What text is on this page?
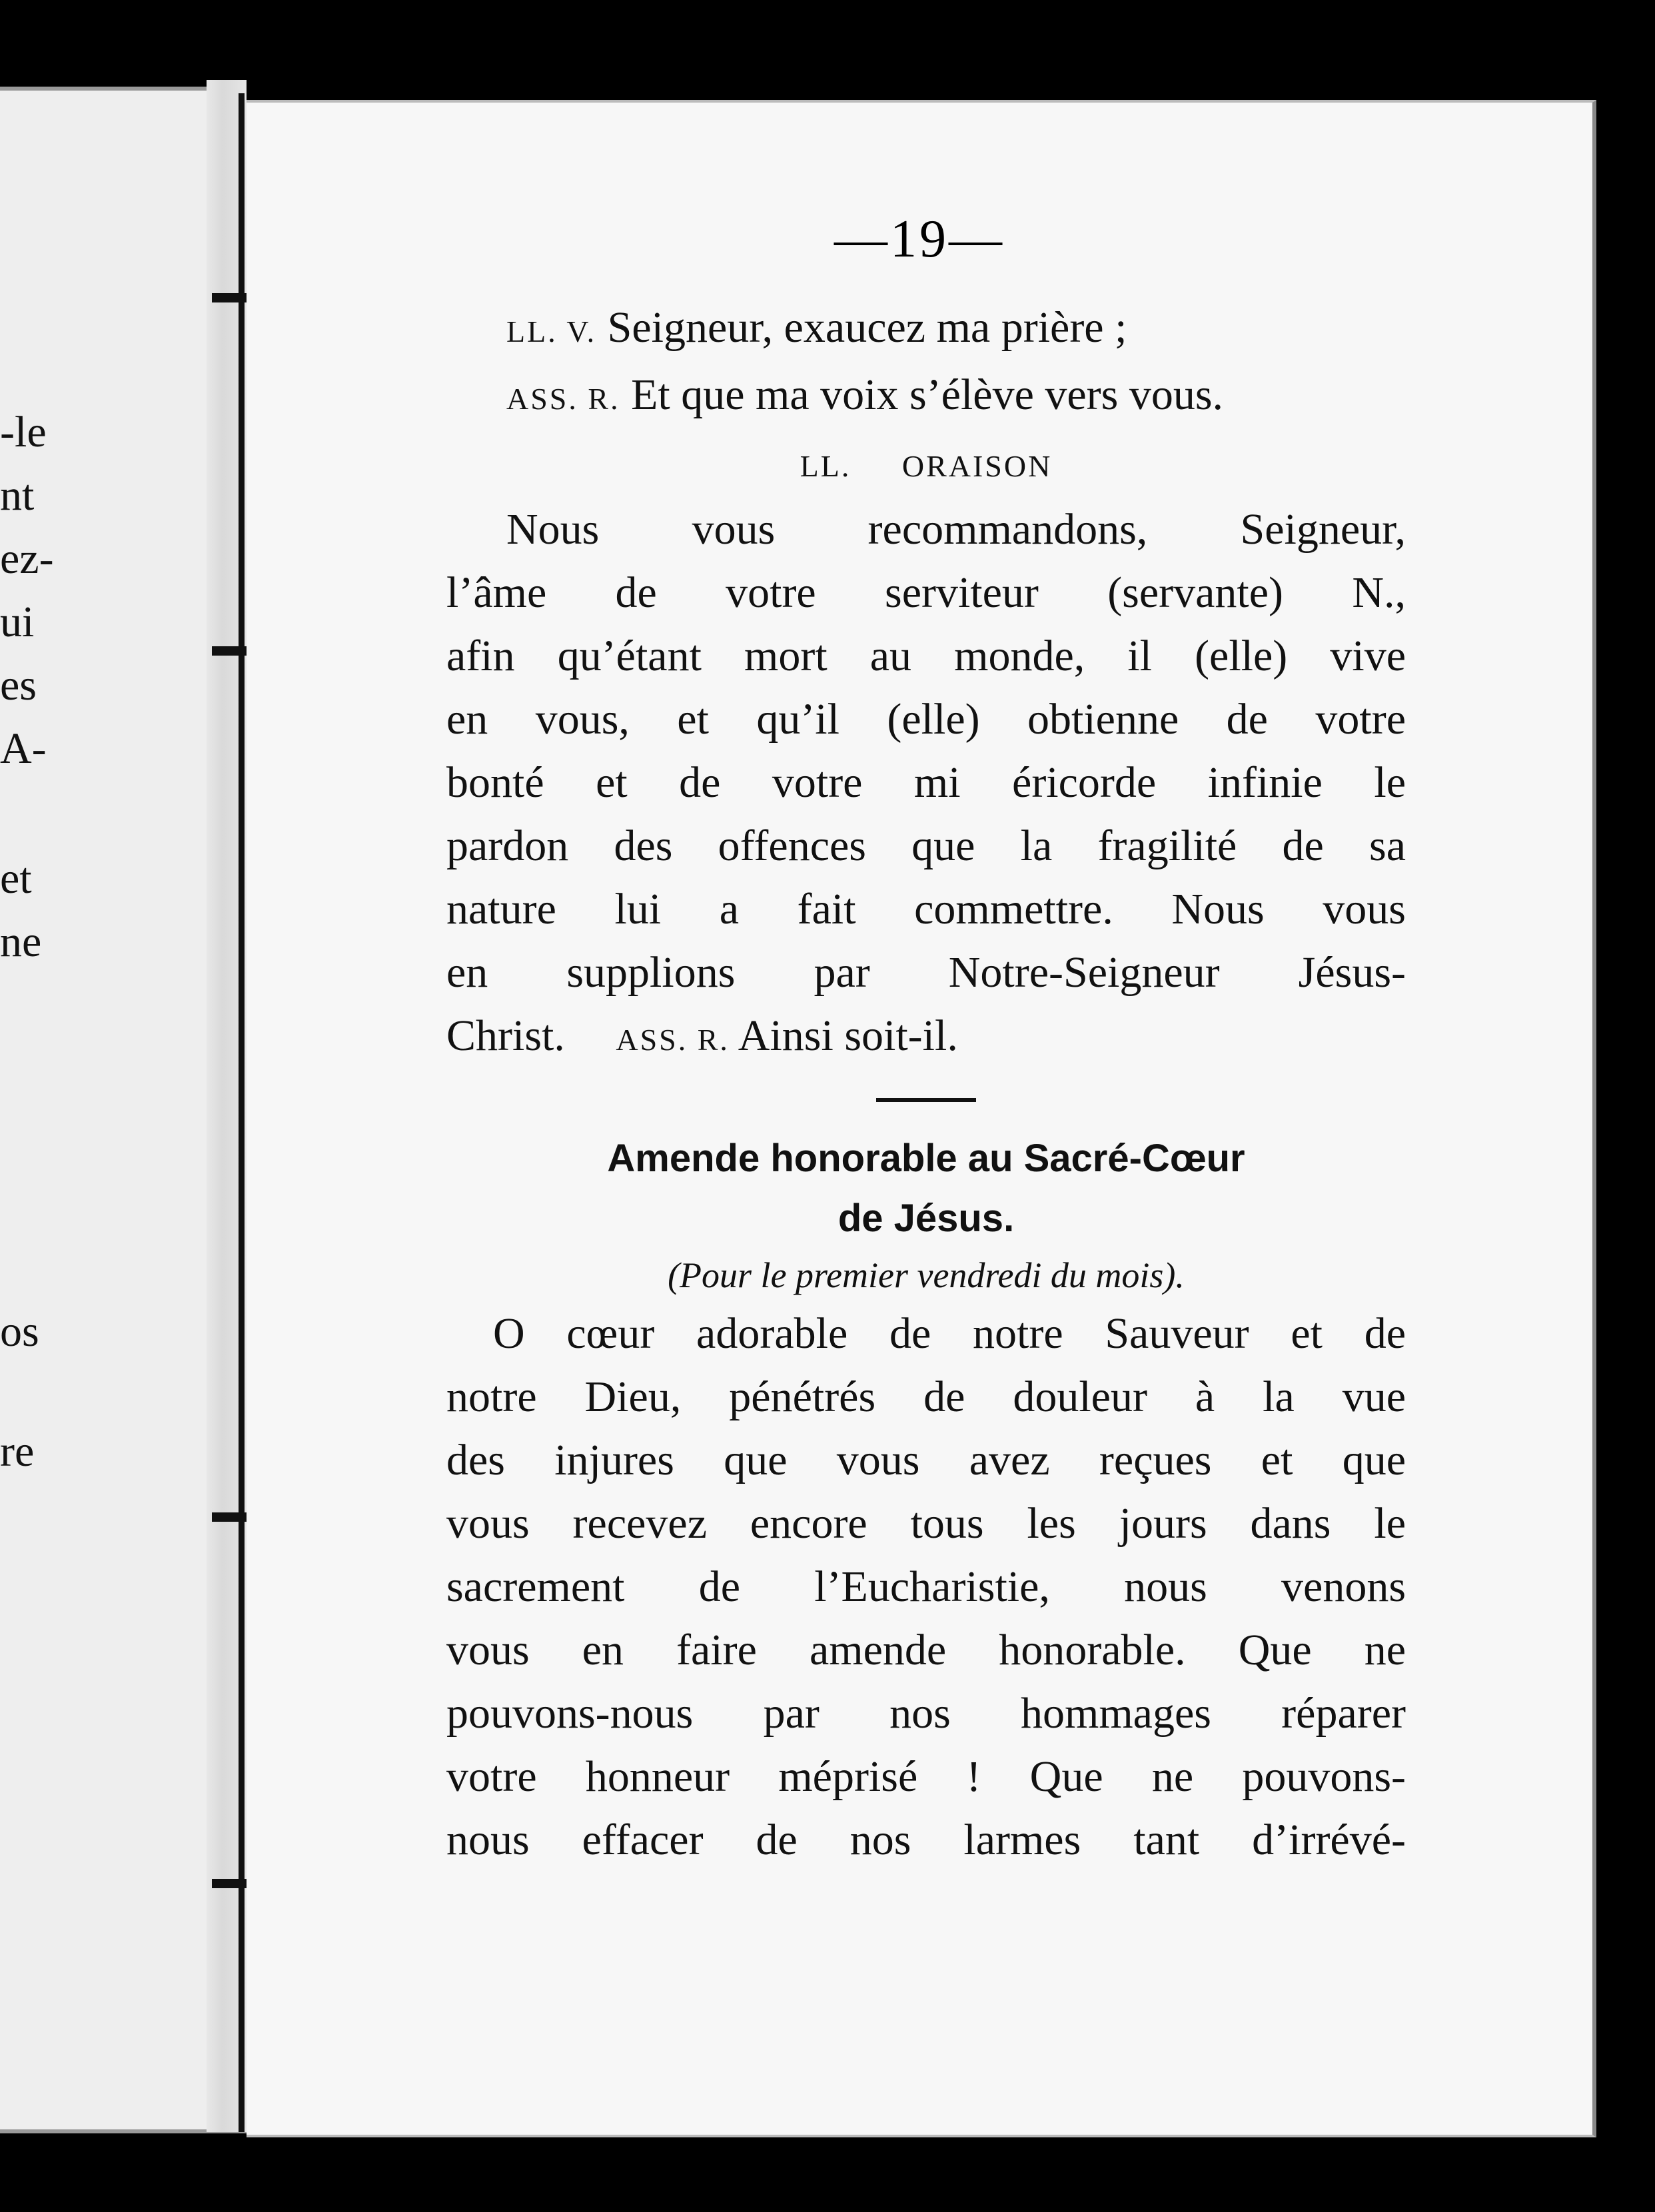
-le
nt
ez-
ui
es
A-
et
ne
os
re
—19—
LL. V. Seigneur, exaucez ma prière ;
ASS. R. Et que ma voix s’élève vers vous.
LL. ORAISON
Nous vous recommandons, Seigneur,
l’âme de votre serviteur (servante) N.,
afin qu’étant mort au monde, il (elle) vive
en vous, et qu’il (elle) obtienne de votre
bonté et de votre mi éricorde infinie le
pardon des offences que la fragilité de sa
nature lui a fait commettre. Nous vous
en supplions par Notre-Seigneur Jésus-
Christ. ASS. R. Ainsi soit-il.
Amende honorable au Sacré-Cœur
de Jésus.
(Pour le premier vendredi du mois).
O cœur adorable de notre Sauveur et de
notre Dieu, pénétrés de douleur à la vue
des injures que vous avez reçues et que
vous recevez encore tous les jours dans le
sacrement de l’Eucharistie, nous venons
vous en faire amende honorable. Que ne
pouvons-nous par nos hommages réparer
votre honneur méprisé ! Que ne pouvons-
nous effacer de nos larmes tant d’irrévé-
